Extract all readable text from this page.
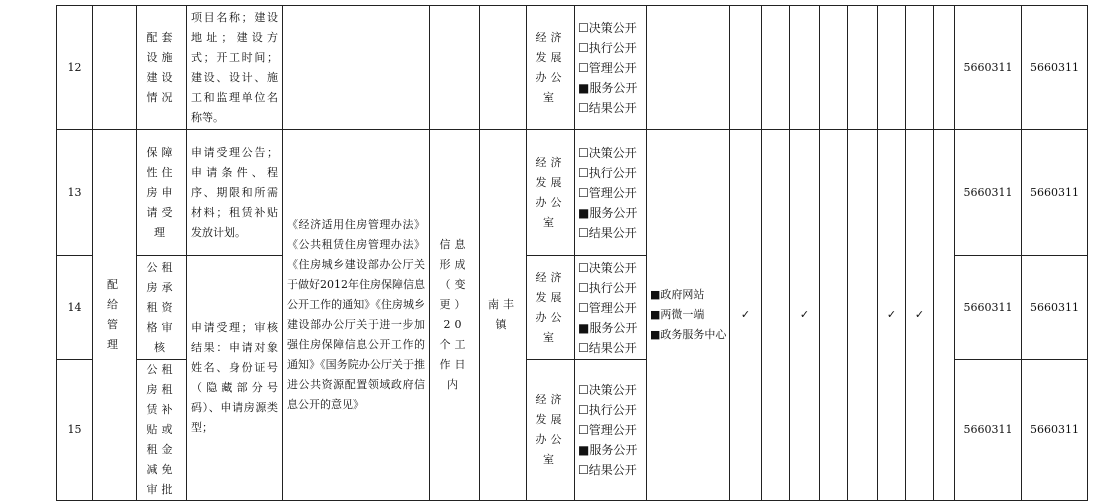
12		配套设施建设情况	项目名称；建设地址；建设方式；开工时间；建设、设计、施工和监理单位名称等。				经济发展办公室	☐决策公开
☐执行公开
☐管理公开
■服务公开
☐结果公开										5660311	5660311
13	配给管理	保障性住房申请受理	申请受理公告；申请条件、程序、期限和所需材料；租赁补贴发放计划。	《经济适用住房管理办法》《公共租赁住房管理办法》《住房城乡建设部办公厅关于做好2012年住房保障信息公开工作的通知》《住房城乡建设部办公厅关于进一步加强住房保障信息公开工作的通知》《国务院办公厅关于推进公共资源配置领域政府信息公开的意见》	信息形成（变更）20个工作日内	南丰镇	经济发展办公室	☐决策公开
☐执行公开
☐管理公开
■服务公开
☐结果公开	■政府网站
■两微一端
■政务服务中心	✓		✓			✓	✓		5660311	5660311
14		公租房承租资格审核	申请受理；审核结果：申请对象姓名、身份证号（隐藏部分号码）、申请房源类型；				经济发展办公室	☐决策公开
☐执行公开
☐管理公开
■服务公开
☐结果公开										5660311	5660311
15		公租房租赁补贴或租金减免审批					经济发展办公室	☐决策公开
☐执行公开
☐管理公开
■服务公开
☐结果公开										5660311	5660311
